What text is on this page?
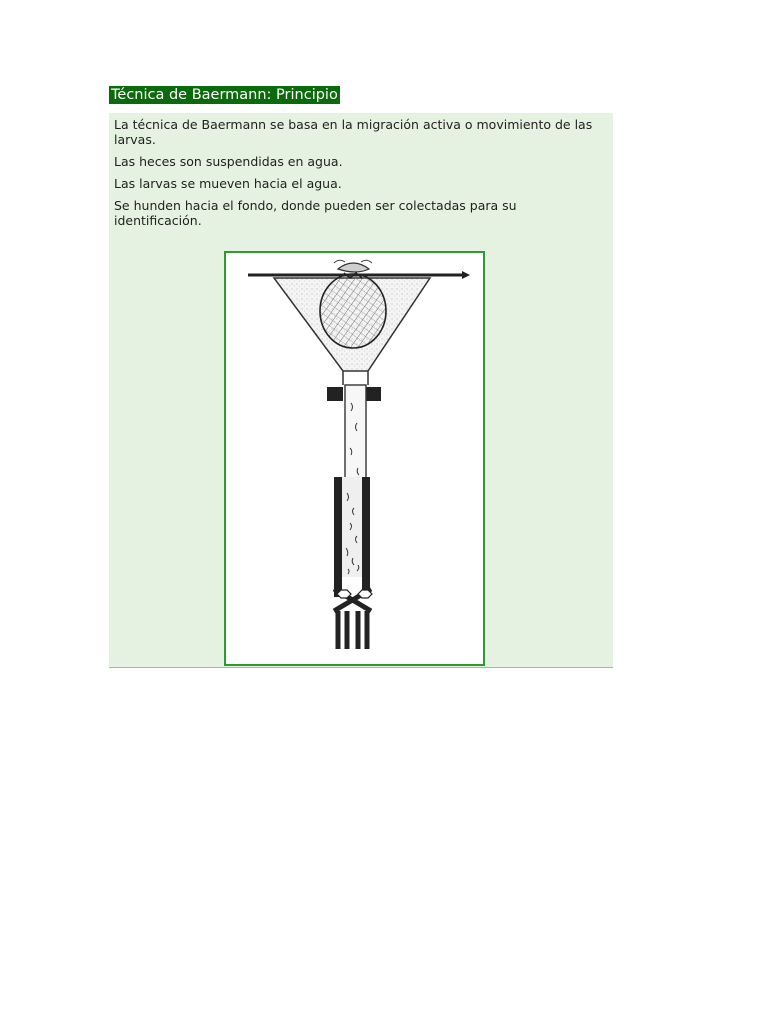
Técnica de Baermann: Principio

La técnica de Baermann se basa en la migración activa o movimiento de las larvas.

Las heces son suspendidas en agua.

Las larvas se mueven hacia el agua.

Se hunden hacia el fondo, donde pueden ser colectadas para su identificación.
